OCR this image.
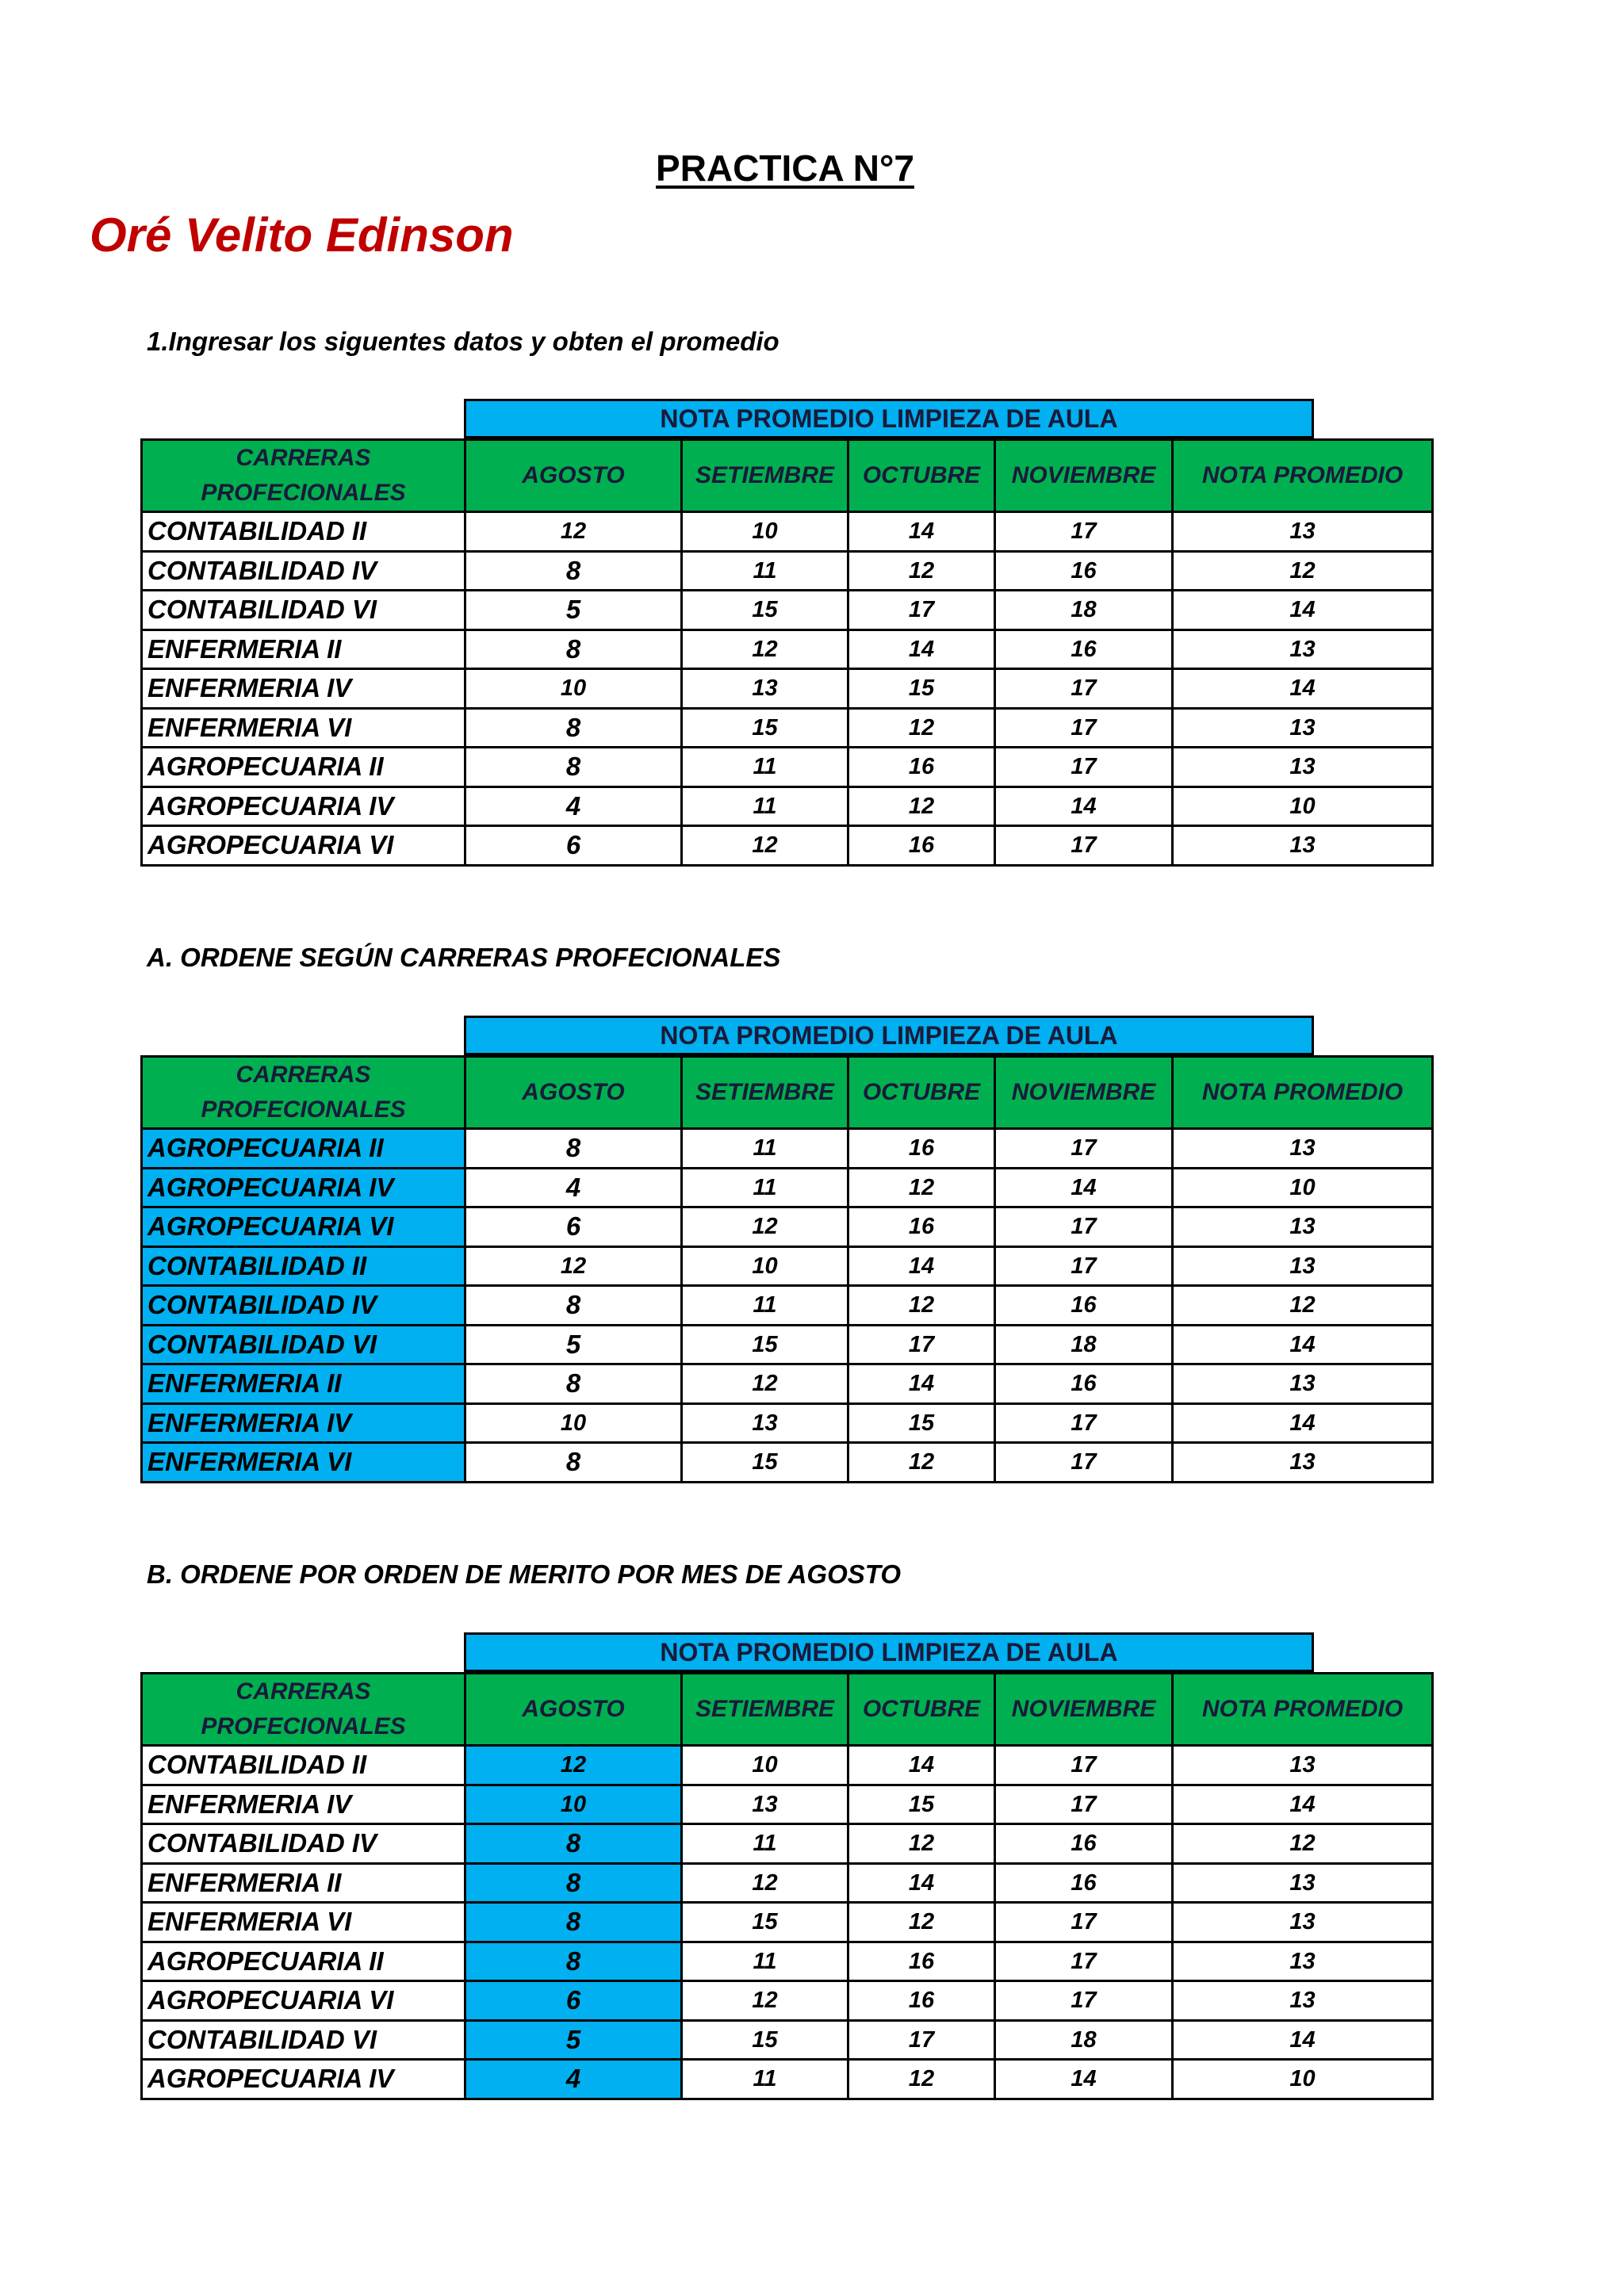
PRACTICA N°7
Oré Velito Edinson
1.Ingresar los siguentes datos y obten el promedio
NOTA PROMEDIO LIMPIEZA DE AULA
CARRERAS PROFECIONALES	AGOSTO	SETIEMBRE	OCTUBRE	NOVIEMBRE	NOTA PROMEDIO
CONTABILIDAD II	12	10	14	17	13
CONTABILIDAD IV	8	11	12	16	12
CONTABILIDAD VI	5	15	17	18	14
ENFERMERIA II	8	12	14	16	13
ENFERMERIA IV	10	13	15	17	14
ENFERMERIA VI	8	15	12	17	13
AGROPECUARIA II	8	11	16	17	13
AGROPECUARIA IV	4	11	12	14	10
AGROPECUARIA VI	6	12	16	17	13
A. ORDENE SEGÚN CARRERAS PROFECIONALES
NOTA PROMEDIO LIMPIEZA DE AULA
CARRERAS PROFECIONALES	AGOSTO	SETIEMBRE	OCTUBRE	NOVIEMBRE	NOTA PROMEDIO
AGROPECUARIA II	8	11	16	17	13
AGROPECUARIA IV	4	11	12	14	10
AGROPECUARIA VI	6	12	16	17	13
CONTABILIDAD II	12	10	14	17	13
CONTABILIDAD IV	8	11	12	16	12
CONTABILIDAD VI	5	15	17	18	14
ENFERMERIA II	8	12	14	16	13
ENFERMERIA IV	10	13	15	17	14
ENFERMERIA VI	8	15	12	17	13
B. ORDENE POR ORDEN DE MERITO POR MES DE AGOSTO
NOTA PROMEDIO LIMPIEZA DE AULA
CARRERAS PROFECIONALES	AGOSTO	SETIEMBRE	OCTUBRE	NOVIEMBRE	NOTA PROMEDIO
CONTABILIDAD II	12	10	14	17	13
ENFERMERIA IV	10	13	15	17	14
CONTABILIDAD IV	8	11	12	16	12
ENFERMERIA II	8	12	14	16	13
ENFERMERIA VI	8	15	12	17	13
AGROPECUARIA II	8	11	16	17	13
AGROPECUARIA VI	6	12	16	17	13
CONTABILIDAD VI	5	15	17	18	14
AGROPECUARIA IV	4	11	12	14	10
